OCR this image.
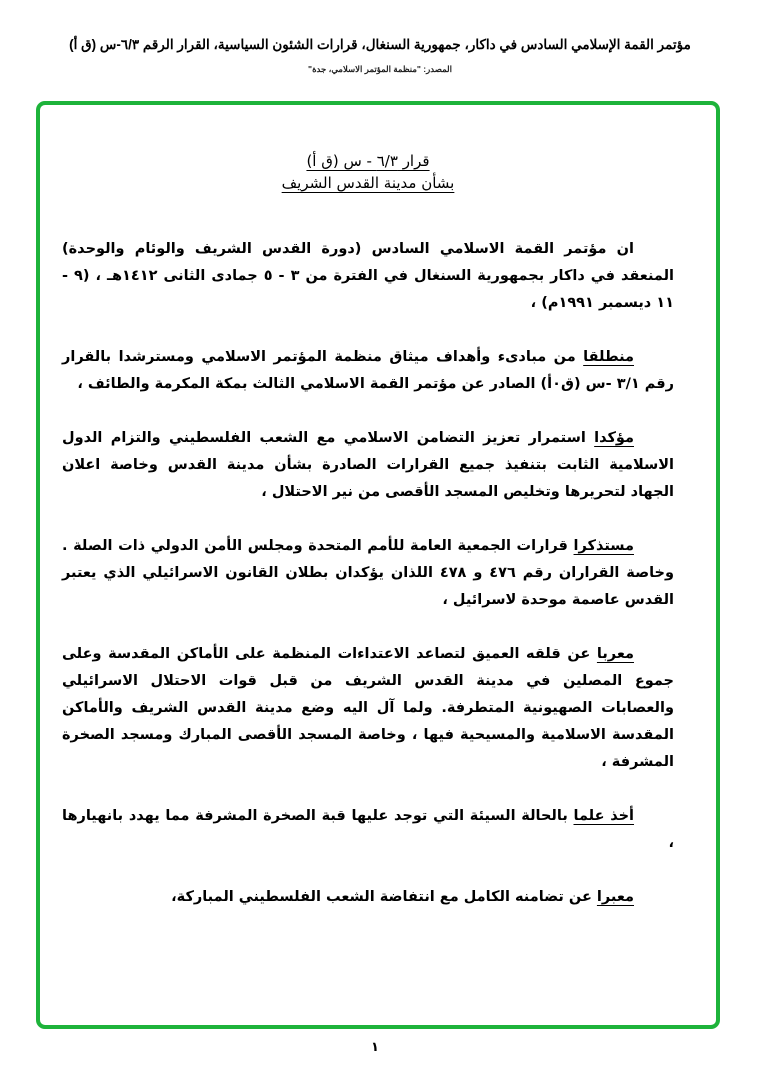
مؤتمر القمة الإسلامي السادس في داكار، جمهورية السنغال، قرارات الشئون السياسية، القرار الرقم ٦/٣-س (ق أ)
المصدر: "منظمة المؤتمر الاسلامي، جدة"
قرار ٦/٣ - س (ق أ)
بشأن مدينة القدس الشريف

ان مؤتمر القمة الاسلامي السادس (دورة القدس الشريف والوئام والوحدة) المنعقد في داكار بجمهورية السنغال في الفترة من ٣ - ٥ جمادى الثانى ١٤١٢هـ ، (٩ - ١١ ديسمبر ١٩٩١م) ،

منطلقا من مبادىء وأهداف ميثاق منظمة المؤتمر الاسلامي ومسترشدا بالقرار رقم ٣/١ -س (ق٠أ) الصادر عن مؤتمر القمة الاسلامي الثالث بمكة المكرمة والطائف ،

مؤكدا استمرار تعزيز التضامن الاسلامي مع الشعب الفلسطيني والتزام الدول الاسلامية الثابت بتنفيذ جميع القرارات الصادرة بشأن مدينة القدس وخاصة اعلان الجهاد لتحريرها وتخليص المسجد الأقصى من نير الاحتلال ،

مستذكرا قرارات الجمعية العامة للأمم المتحدة ومجلس الأمن الدولي ذات الصلة . وخاصة القراران رقم ٤٧٦ و ٤٧٨ اللذان يؤكدان بطلان القانون الاسرائيلي الذي يعتبر القدس عاصمة موحدة لاسرائيل ،

معربا عن قلقه العميق لتصاعد الاعتداءات المنظمة على الأماكن المقدسة وعلى جموع المصلين في مدينة القدس الشريف من قبل قوات الاحتلال الاسرائيلي والعصابات الصهيونية المتطرفة. ولما آل اليه وضع مدينة القدس الشريف والأماكن المقدسة الاسلامية والمسيحية فيها ، وخاصة المسجد الأقصى المبارك ومسجد الصخرة المشرفة ،

أخذ علما بالحالة السيئة التي توجد عليها قبة الصخرة المشرفة مما يهدد بانهيارها ،

معبرا عن تضامنه الكامل مع انتفاضة الشعب الفلسطيني المباركة،

١
